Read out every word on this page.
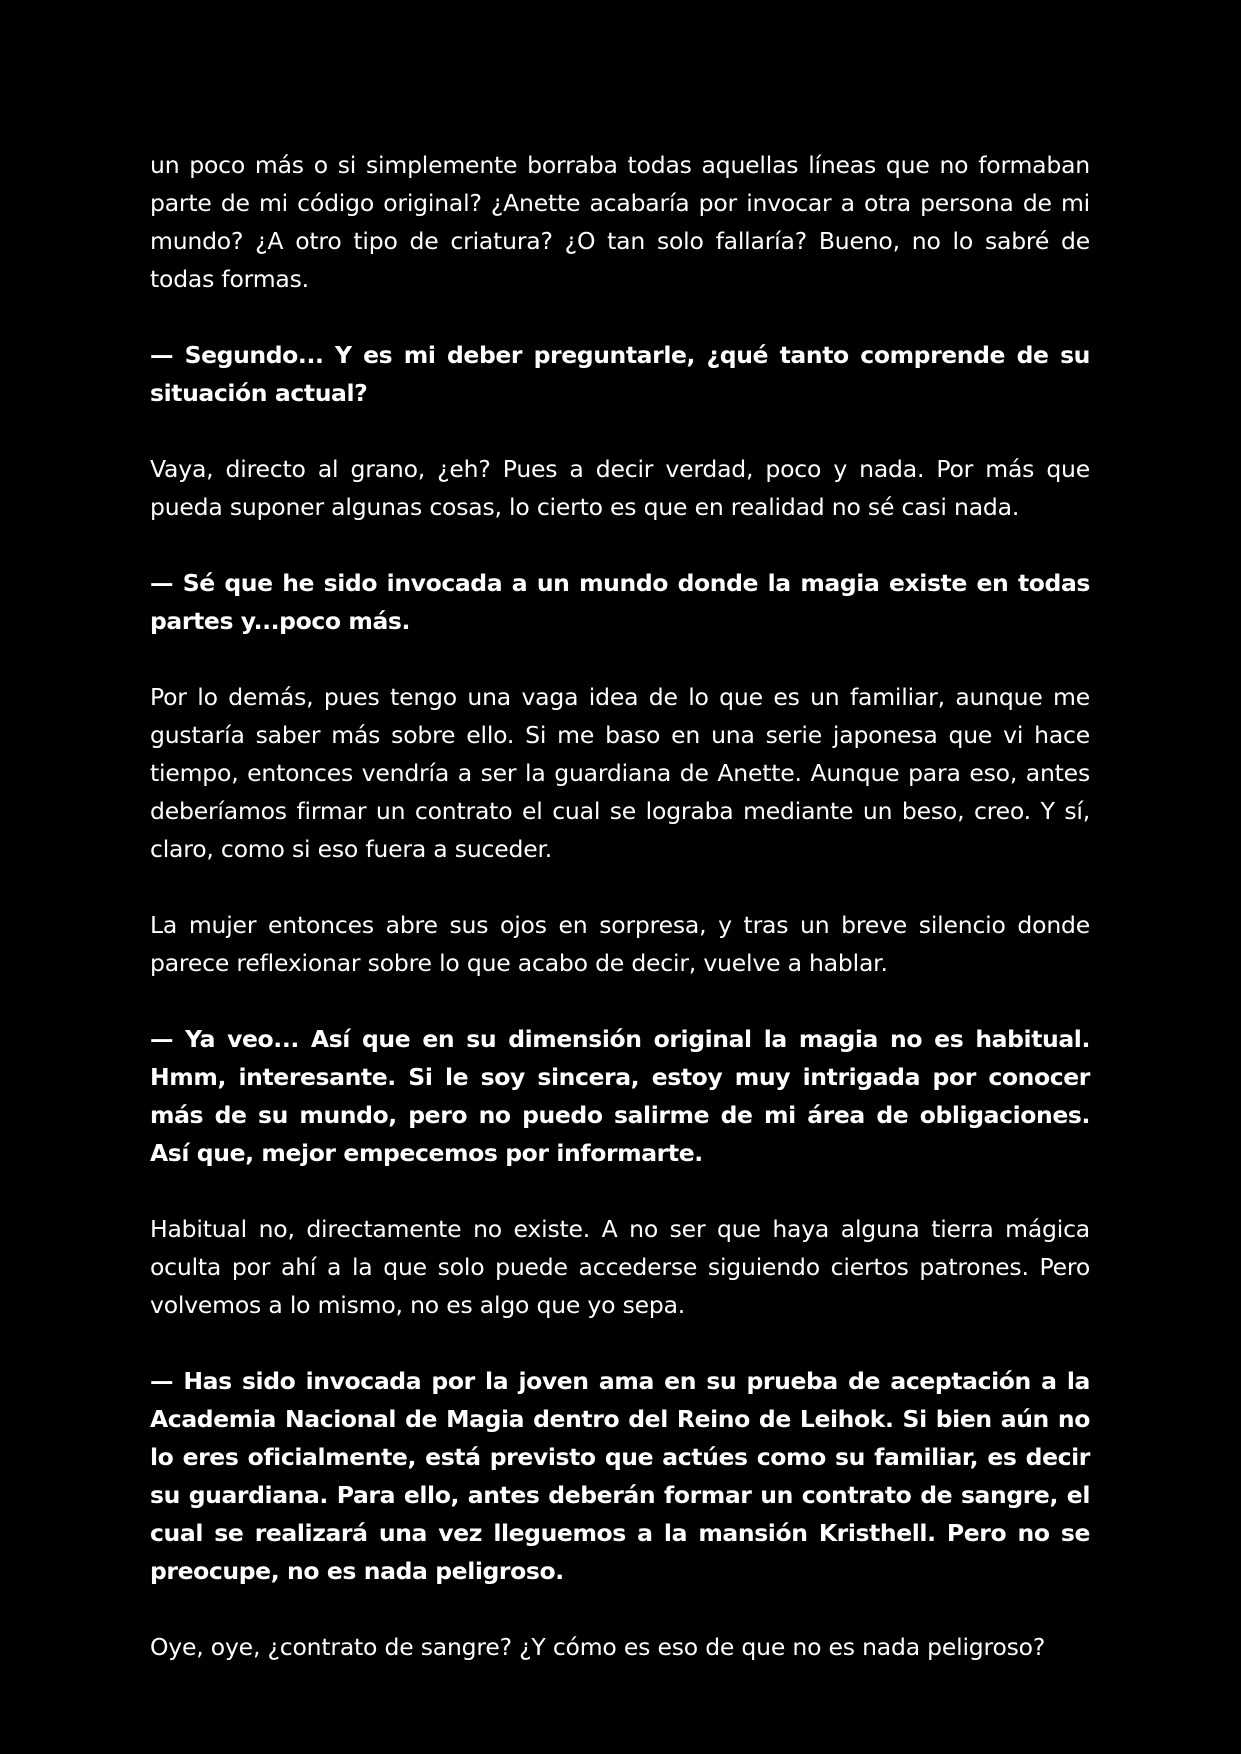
un poco más o si simplemente borraba todas aquellas líneas que no formaban parte de mi código original? ¿Anette acabaría por invocar a otra persona de mi mundo? ¿A otro tipo de criatura? ¿O tan solo fallaría? Bueno, no lo sabré de todas formas.

— Segundo... Y es mi deber preguntarle, ¿qué tanto comprende de su situación actual?

Vaya, directo al grano, ¿eh? Pues a decir verdad, poco y nada. Por más que pueda suponer algunas cosas, lo cierto es que en realidad no sé casi nada.

— Sé que he sido invocada a un mundo donde la magia existe en todas partes y...poco más.

Por lo demás, pues tengo una vaga idea de lo que es un familiar, aunque me gustaría saber más sobre ello. Si me baso en una serie japonesa que vi hace tiempo, entonces vendría a ser la guardiana de Anette. Aunque para eso, antes deberíamos firmar un contrato el cual se lograba mediante un beso, creo. Y sí, claro, como si eso fuera a suceder.

La mujer entonces abre sus ojos en sorpresa, y tras un breve silencio donde parece reflexionar sobre lo que acabo de decir, vuelve a hablar.

— Ya veo... Así que en su dimensión original la magia no es habitual. Hmm, interesante. Si le soy sincera, estoy muy intrigada por conocer más de su mundo, pero no puedo salirme de mi área de obligaciones. Así que, mejor empecemos por informarte.

Habitual no, directamente no existe. A no ser que haya alguna tierra mágica oculta por ahí a la que solo puede accederse siguiendo ciertos patrones. Pero volvemos a lo mismo, no es algo que yo sepa.

— Has sido invocada por la joven ama en su prueba de aceptación a la Academia Nacional de Magia dentro del Reino de Leihok. Si bien aún no lo eres oficialmente, está previsto que actúes como su familiar, es decir su guardiana. Para ello, antes deberán formar un contrato de sangre, el cual se realizará una vez lleguemos a la mansión Kristhell. Pero no se preocupe, no es nada peligroso.

Oye, oye, ¿contrato de sangre? ¿Y cómo es eso de que no es nada peligroso?
